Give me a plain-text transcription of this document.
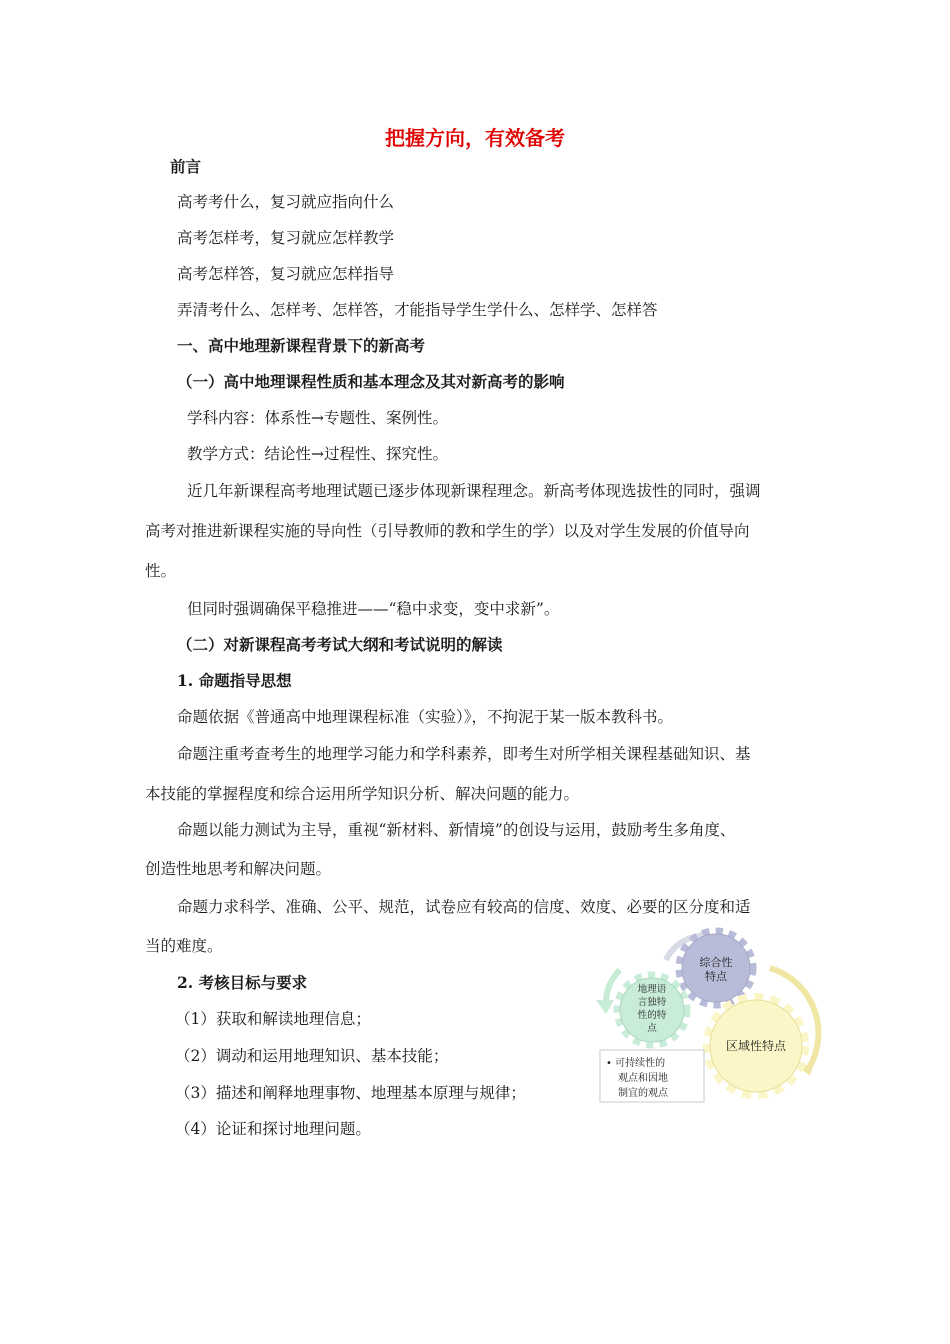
把握方向，有效备考
前言
高考考什么，复习就应指向什么
高考怎样考，复习就应怎样教学
高考怎样答，复习就应怎样指导
弄清考什么、怎样考、怎样答，才能指导学生学什么、怎样学、怎样答
一、高中地理新课程背景下的新高考
（一）高中地理课程性质和基本理念及其对新高考的影响
学科内容：体系性→专题性、案例性。
教学方式：结论性→过程性、探究性。
近几年新课程高考地理试题已逐步体现新课程理念。新高考体现选拔性的同时，强调
高考对推进新课程实施的导向性（引导教师的教和学生的学）以及对学生发展的价值导向
性。
但同时强调确保平稳推进——“稳中求变，变中求新”。
（二）对新课程高考考试大纲和考试说明的解读
1. 命题指导思想
命题依据《普通高中地理课程标准（实验）》，不拘泥于某一版本教科书。
命题注重考查考生的地理学习能力和学科素养，即考生对所学相关课程基础知识、基
本技能的掌握程度和综合运用所学知识分析、解决问题的能力。
命题以能力测试为主导，重视“新材料、新情境”的创设与运用，鼓励考生多角度、
创造性地思考和解决问题。
命题力求科学、准确、公平、规范，试卷应有较高的信度、效度、必要的区分度和适
当的难度。
2. 考核目标与要求
（1）获取和解读地理信息；
（2）调动和运用地理知识、基本技能；
（3）描述和阐释地理事物、地理基本原理与规律；
（4）论证和探讨地理问题。
综合性
特点
地理语
言独特
性的特
点
区域性特点
• 可持续性的
观点和因地
制宜的观点
